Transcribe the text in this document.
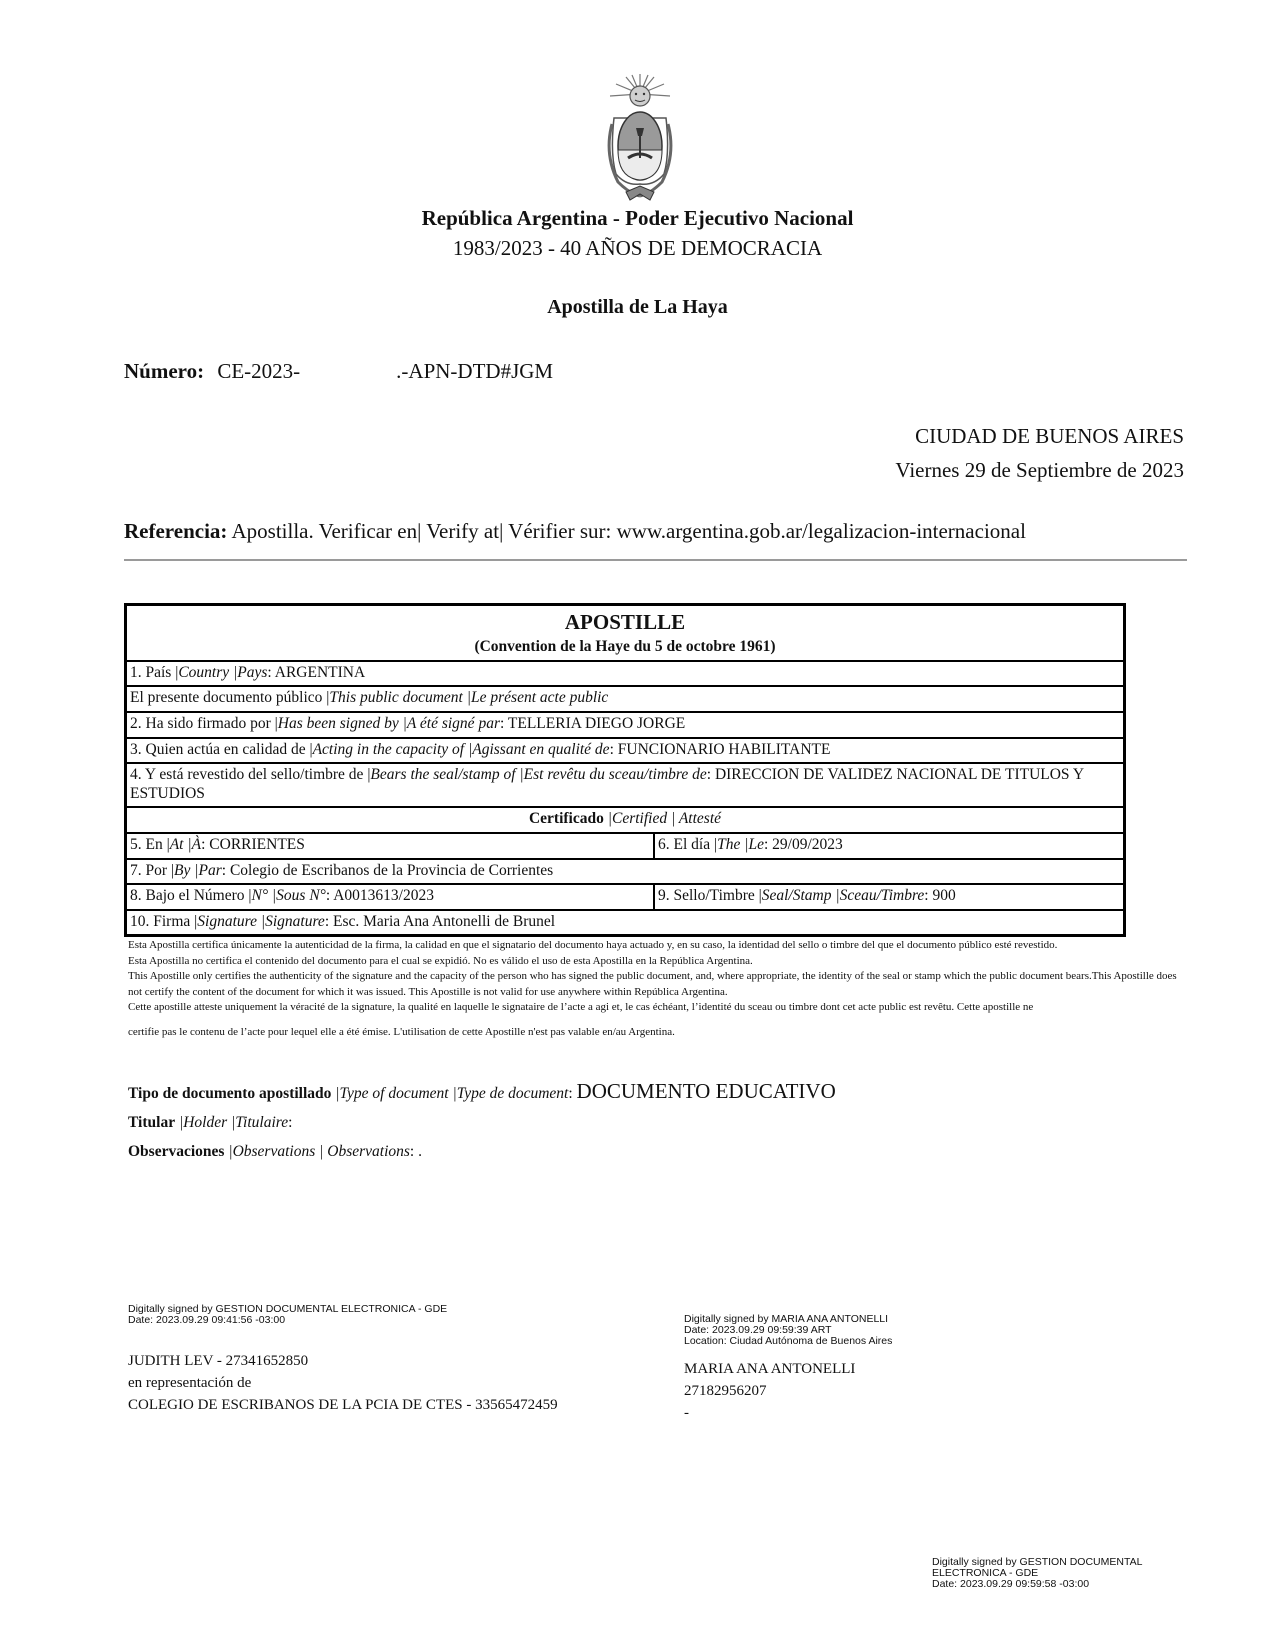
República Argentina - Poder Ejecutivo Nacional
1983/2023 - 40 AÑOS DE DEMOCRACIA
Apostilla de La Haya
Número: CE-2023-	.-APN-DTD#JGM
CIUDAD DE BUENOS AIRES
Viernes 29 de Septiembre de 2023
Referencia: Apostilla. Verificar en| Verify at| Vérifier sur: www.argentina.gob.ar/legalizacion-internacional
APOSTILLE
(Convention de la Haye du 5 de octobre 1961)
1. País |Country |Pays: ARGENTINA
El presente documento público |This public document |Le présent acte public
2. Ha sido firmado por |Has been signed by |A été signé par: TELLERIA DIEGO JORGE
3. Quien actúa en calidad de |Acting in the capacity of |Agissant en qualité de: FUNCIONARIO HABILITANTE
4. Y está revestido del sello/timbre de |Bears the seal/stamp of |Est revêtu du sceau/timbre de: DIRECCION DE VALIDEZ NACIONAL DE TITULOS Y ESTUDIOS
Certificado |Certified | Attesté
5. En |At |À: CORRIENTES	6. El día |The |Le: 29/09/2023
7. Por |By |Par: Colegio de Escribanos de la Provincia de Corrientes
8. Bajo el Número |N° |Sous N°: A0013613/2023	9. Sello/Timbre |Seal/Stamp |Sceau/Timbre: 900
10. Firma |Signature |Signature: Esc. Maria Ana Antonelli de Brunel

Esta Apostilla certifica únicamente la autenticidad de la firma, la calidad en que el signatario del documento haya actuado y, en su caso, la identidad del sello o timbre del que el documento público esté revestido.

Esta Apostilla no certifica el contenido del documento para el cual se expidió. No es válido el uso de esta Apostilla en la República Argentina.

This Apostille only certifies the authenticity of the signature and the capacity of the person who has signed the public document, and, where appropriate, the identity of the seal or stamp which the public document bears.This Apostille does not certify the content of the document for which it was issued. This Apostille is not valid for use anywhere within República Argentina.

Cette apostille atteste uniquement la véracité de la signature, la qualité en laquelle le signataire de l’acte a agi et, le cas échéant, l’identité du sceau ou timbre dont cet acte public est revêtu. Cette apostille ne

certifie pas le contenu de l’acte pour lequel elle a été émise. L'utilisation de cette Apostille n'est pas valable en/au Argentina.

Tipo de documento apostillado |Type of document |Type de document: DOCUMENTO EDUCATIVO
Titular |Holder |Titulaire:
Observaciones |Observations | Observations: .
Digitally signed by GESTION DOCUMENTAL ELECTRONICA - GDE
Date: 2023.09.29 09:41:56 -03:00
JUDITH LEV - 27341652850
en representación de
COLEGIO DE ESCRIBANOS DE LA PCIA DE CTES - 33565472459
Digitally signed by MARIA ANA ANTONELLI
Date: 2023.09.29 09:59:39 ART
Location: Ciudad Autónoma de Buenos Aires
MARIA ANA ANTONELLI
27182956207
-
Digitally signed by GESTION DOCUMENTAL
ELECTRONICA - GDE
Date: 2023.09.29 09:59:58 -03:00
